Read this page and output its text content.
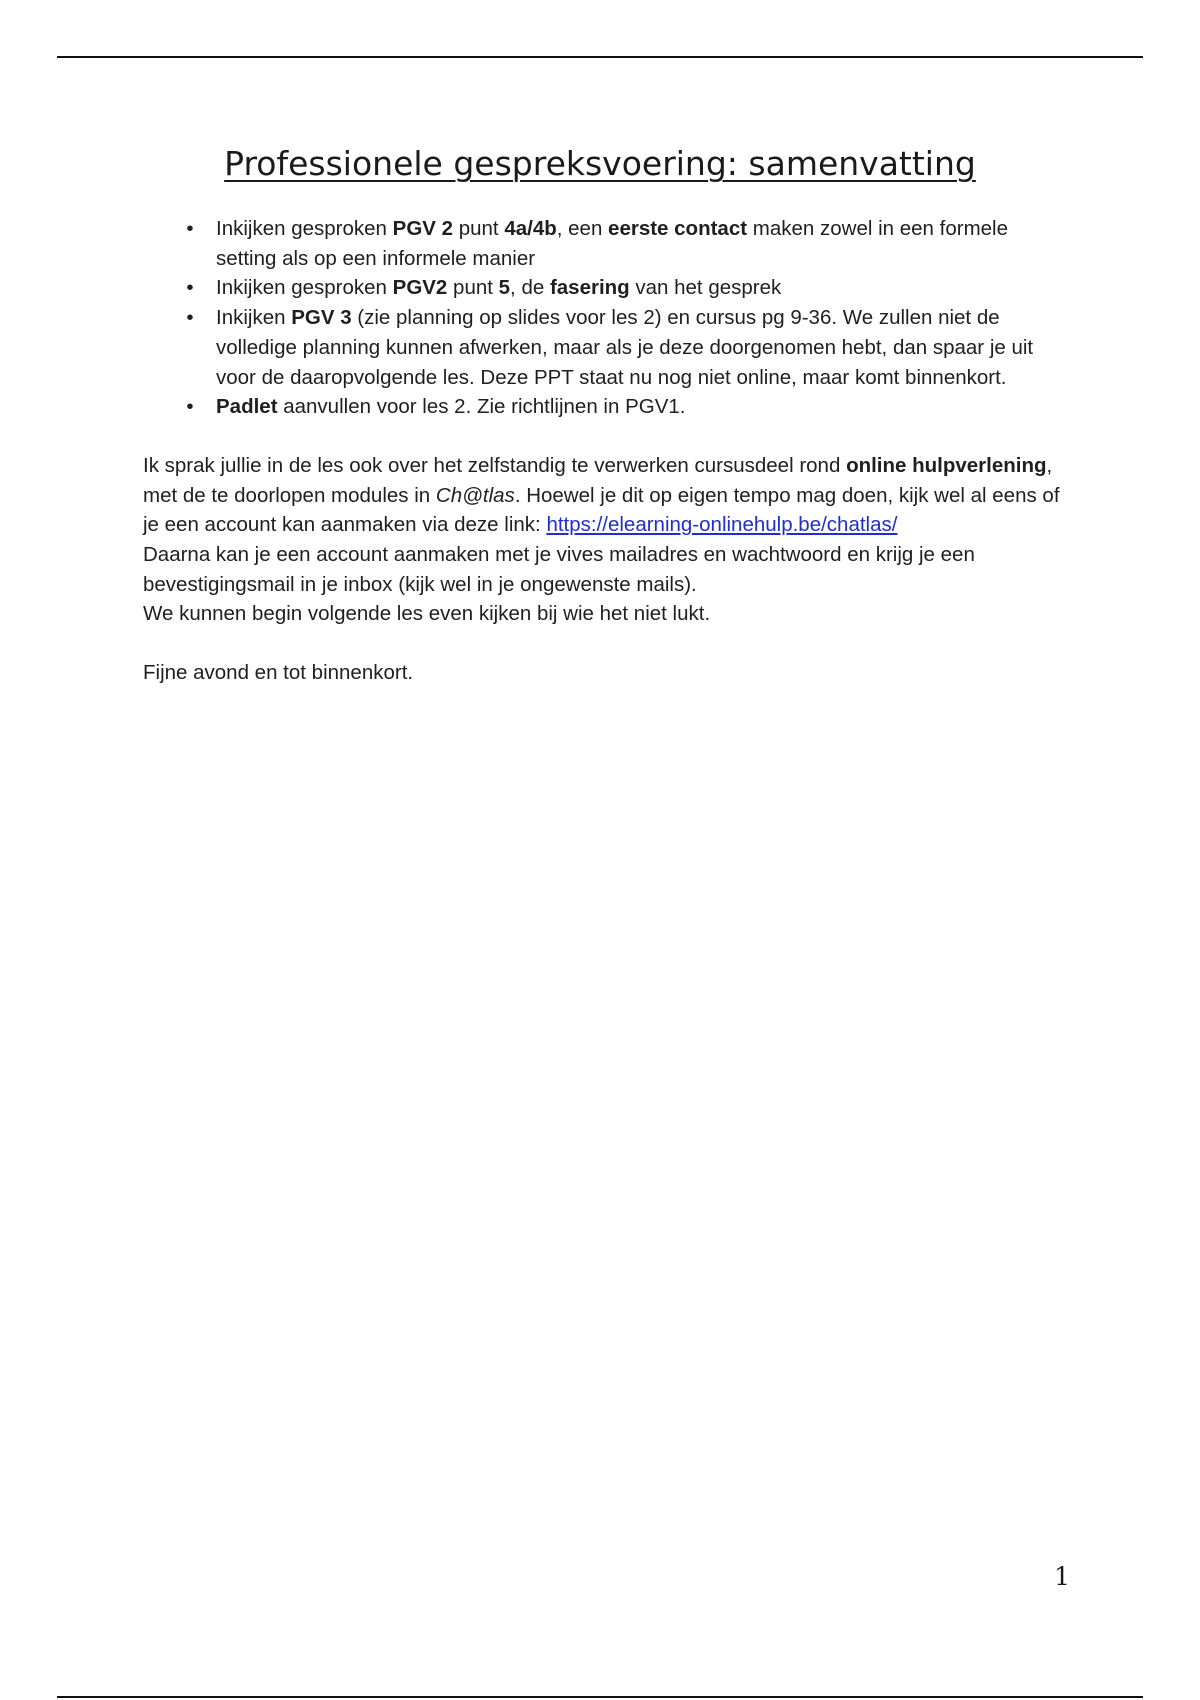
Professionele gespreksvoering: samenvatting
•	Inkijken gesproken PGV 2 punt 4a/4b, een eerste contact maken zowel in een formele setting als op een informele manier
•	Inkijken gesproken PGV2 punt 5, de fasering van het gesprek
•	Inkijken PGV 3 (zie planning op slides voor les 2) en cursus pg 9-36. We zullen niet de volledige planning kunnen afwerken, maar als je deze doorgenomen hebt, dan spaar je uit voor de daaropvolgende les. Deze PPT staat nu nog niet online, maar komt binnenkort.
•	Padlet aanvullen voor les 2. Zie richtlijnen in PGV1.

Ik sprak jullie in de les ook over het zelfstandig te verwerken cursusdeel rond online hulpverlening, met de te doorlopen modules in Ch@tlas. Hoewel je dit op eigen tempo mag doen, kijk wel al eens of je een account kan aanmaken via deze link: https://elearning-onlinehulp.be/chatlas/

Daarna kan je een account aanmaken met je vives mailadres en wachtwoord en krijg je een bevestigingsmail in je inbox (kijk wel in je ongewenste mails).

We kunnen begin volgende les even kijken bij wie het niet lukt.

Fijne avond en tot binnenkort.

1
